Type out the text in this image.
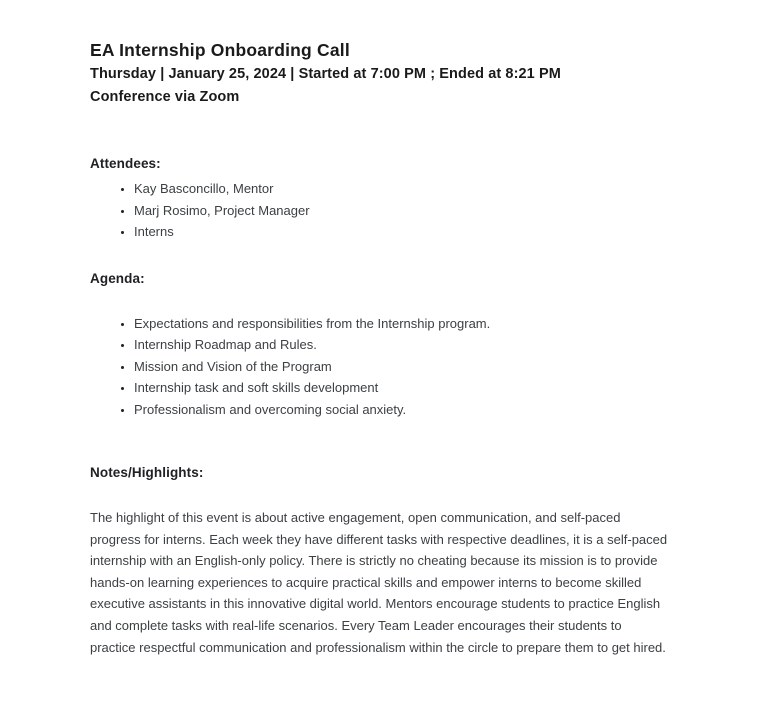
EA Internship Onboarding Call

Thursday | January 25, 2024 | Started at 7:00 PM ; Ended at 8:21 PM

Conference via Zoom

Attendees:
• Kay Basconcillo, Mentor
• Marj Rosimo, Project Manager
• Interns
Agenda:
• Expectations and responsibilities from the Internship program.
• Internship Roadmap and Rules.
• Mission and Vision of the Program
• Internship task and soft skills development
• Professionalism and overcoming social anxiety.
Notes/Highlights:

The highlight of this event is about active engagement, open communication, and self-paced progress for interns. Each week they have different tasks with respective deadlines, it is a self-paced internship with an English-only policy. There is strictly no cheating because its mission is to provide hands-on learning experiences to acquire practical skills and empower interns to become skilled executive assistants in this innovative digital world. Mentors encourage students to practice English and complete tasks with real-life scenarios. Every Team Leader encourages their students to practice respectful communication and professionalism within the circle to prepare them to get hired.
